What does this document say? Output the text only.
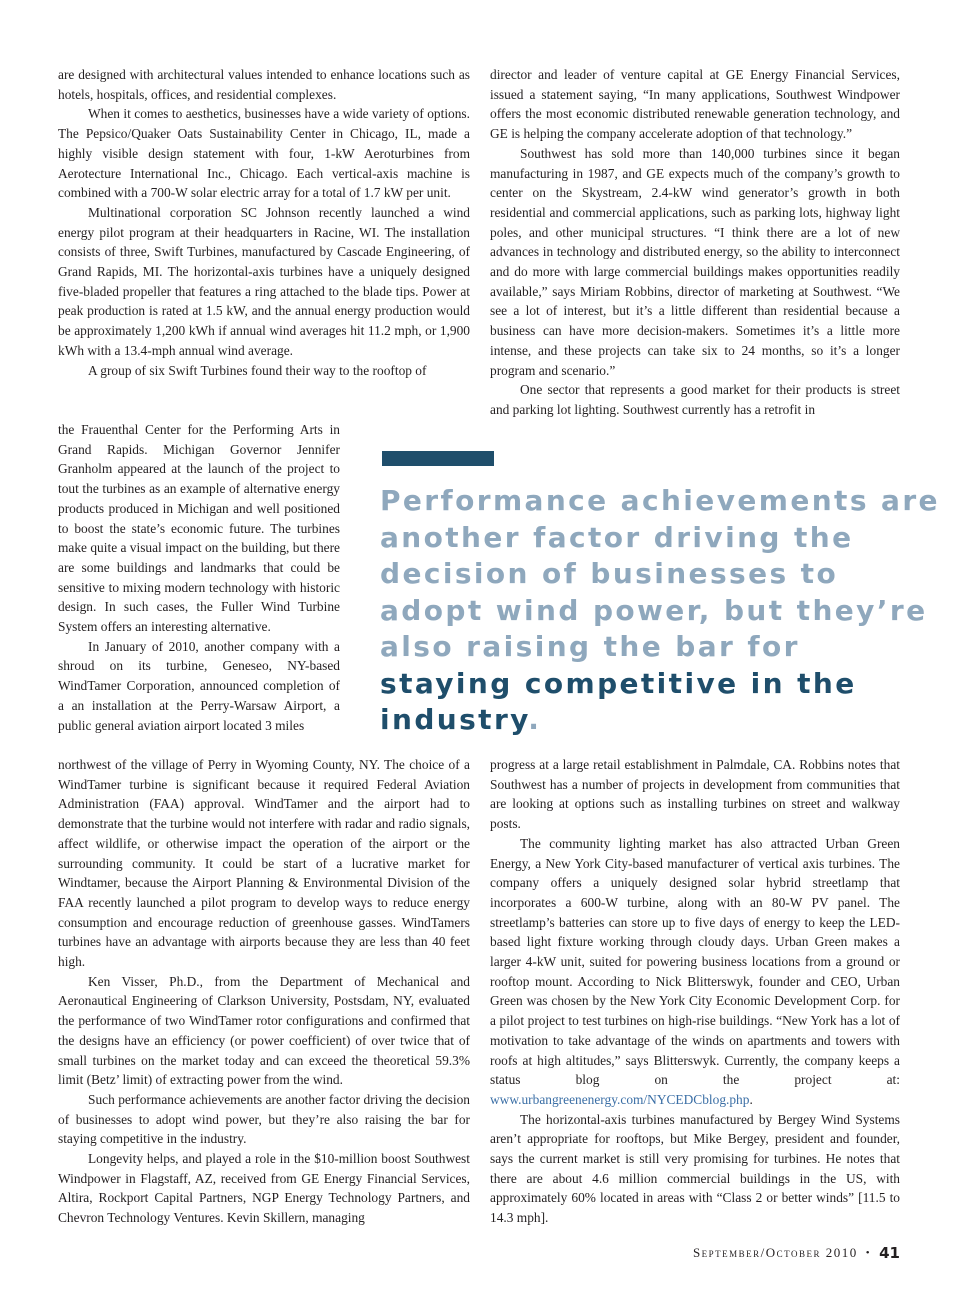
are designed with architectural values intended to enhance locations such as hotels, hospitals, offices, and residential complexes.

When it comes to aesthetics, businesses have a wide variety of options. The Pepsico/Quaker Oats Sustainability Center in Chicago, IL, made a highly visible design statement with four, 1-kW Aeroturbines from Aerotecture International Inc., Chicago. Each vertical-axis machine is combined with a 700-W solar electric array for a total of 1.7 kW per unit.

Multinational corporation SC Johnson recently launched a wind energy pilot program at their headquarters in Racine, WI. The installation consists of three, Swift Turbines, manufactured by Cascade Engineering, of Grand Rapids, MI. The horizontal-axis turbines have a uniquely designed five-bladed propeller that features a ring attached to the blade tips. Power at peak production is rated at 1.5 kW, and the annual energy production would be approximately 1,200 kWh if annual wind averages hit 11.2 mph, or 1,900 kWh with a 13.4-mph annual wind average.

A group of six Swift Turbines found their way to the rooftop of

the Frauenthal Center for the Performing Arts in Grand Rapids. Michigan Governor Jennifer Granholm appeared at the launch of the project to tout the turbines as an example of alternative energy products produced in Michigan and well positioned to boost the state’s economic future. The turbines make quite a visual impact on the building, but there are some buildings and landmarks that could be sensitive to mixing modern technology with historic design. In such cases, the Fuller Wind Turbine System offers an interesting alternative.

In January of 2010, another company with a shroud on its turbine, Geneseo, NY-based WindTamer Corporation, announced completion of a an installation at the Perry-Warsaw Airport, a public general aviation airport located 3 miles

northwest of the village of Perry in Wyoming County, NY. The choice of a WindTamer turbine is significant because it required Federal Aviation Administration (FAA) approval. WindTamer and the airport had to demonstrate that the turbine would not interfere with radar and radio signals, affect wildlife, or otherwise impact the operation of the airport or the surrounding community. It could be start of a lucrative market for Windtamer, because the Airport Planning & Environmental Division of the FAA recently launched a pilot program to develop ways to reduce energy consumption and encourage reduction of greenhouse gasses. WindTamers turbines have an advantage with airports because they are less than 40 feet high.

Ken Visser, Ph.D., from the Department of Mechanical and Aeronautical Engineering of Clarkson University, Postsdam, NY, evaluated the performance of two WindTamer rotor configurations and confirmed that the designs have an efficiency (or power coefficient) of over twice that of small turbines on the market today and can exceed the theoretical 59.3% limit (Betz’ limit) of extracting power from the wind.

Such performance achievements are another factor driving the decision of businesses to adopt wind power, but they’re also raising the bar for staying competitive in the industry.

Longevity helps, and played a role in the $10-million boost Southwest Windpower in Flagstaff, AZ, received from GE Energy Financial Services, Altira, Rockport Capital Partners, NGP Energy Technology Partners, and Chevron Technology Ventures. Kevin Skillern, managing

director and leader of venture capital at GE Energy Financial Services, issued a statement saying, “In many applications, Southwest Windpower offers the most economic distributed renewable generation technology, and GE is helping the company accelerate adoption of that technology.”

Southwest has sold more than 140,000 turbines since it began manufacturing in 1987, and GE expects much of the company’s growth to center on the Skystream, 2.4-kW wind generator’s growth in both residential and commercial applications, such as parking lots, highway light poles, and other municipal structures. “I think there are a lot of new advances in technology and distributed energy, so the ability to interconnect and do more with large commercial buildings makes opportunities readily available,” says Miriam Robbins, director of marketing at Southwest. “We see a lot of interest, but it’s a little different than residential because a business can have more decision-makers. Sometimes it’s a little more intense, and these projects can take six to 24 months, so it’s a longer program and scenario.”

One sector that represents a good market for their products is street and parking lot lighting. Southwest currently has a retrofit in

Performance achievements are another factor driving the decision of businesses to adopt wind power, but they’re also raising the bar for staying competitive in the industry.

progress at a large retail establishment in Palmdale, CA. Robbins notes that Southwest has a number of projects in development from communities that are looking at options such as installing turbines on street and walkway posts.

The community lighting market has also attracted Urban Green Energy, a New York City-based manufacturer of vertical axis turbines. The company offers a uniquely designed solar hybrid streetlamp that incorporates a 600-W turbine, along with an 80-W PV panel. The streetlamp’s batteries can store up to five days of energy to keep the LED-based light fixture working through cloudy days. Urban Green makes a larger 4-kW unit, suited for powering business locations from a ground or rooftop mount. According to Nick Blitterswyk, founder and CEO, Urban Green was chosen by the New York City Economic Development Corp. for a pilot project to test turbines on high-rise buildings. “New York has a lot of motivation to take advantage of the winds on apartments and towers with roofs at high altitudes,” says Blitterswyk. Currently, the company keeps a status blog on the project at: www.urbangreenenergy.com/NYCEDCblog.php.

The horizontal-axis turbines manufactured by Bergey Wind Systems aren’t appropriate for rooftops, but Mike Bergey, president and founder, says the current market is still very promising for turbines. He notes that there are about 4.6 million commercial buildings in the US, with approximately 60% located in areas with “Class 2 or better winds” [11.5 to 14.3 mph].

September/October 2010 • 41
